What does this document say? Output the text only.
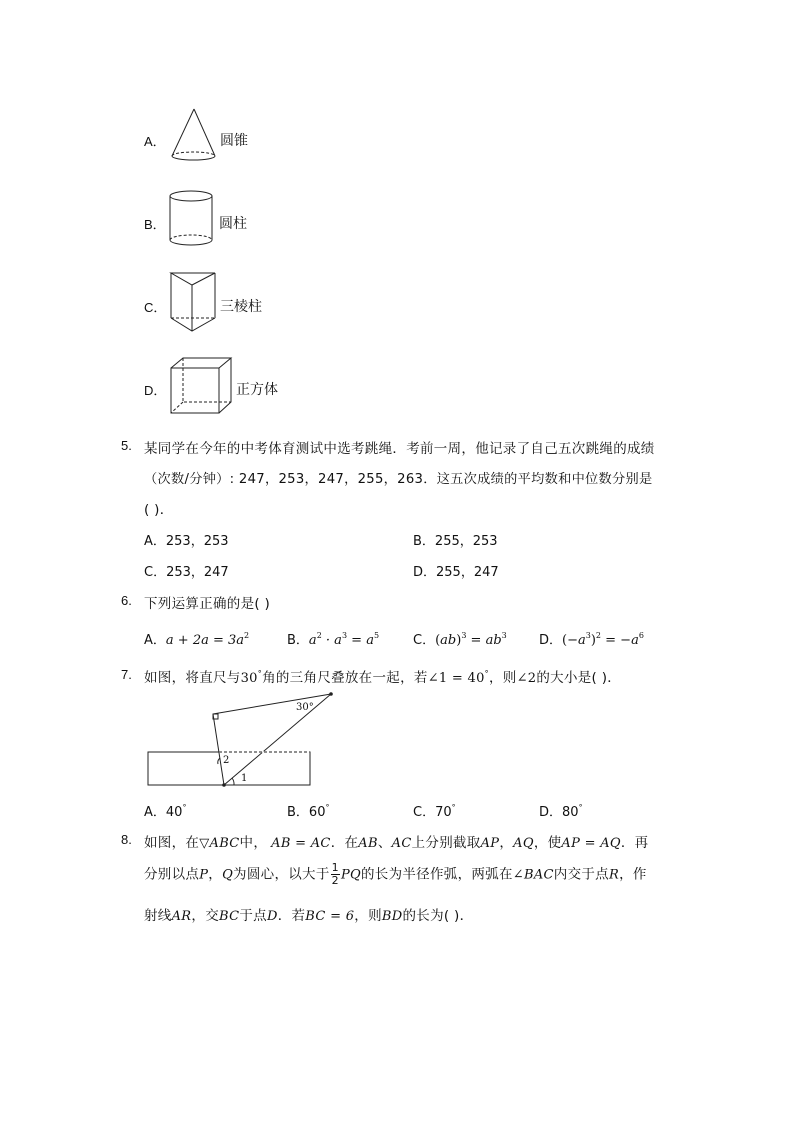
A．	圆锥
B．	圆柱
C．	三棱柱
D．	正方体
5. 某同学在今年的中考体育测试中选考跳绳．考前一周，他记录了自己五次跳绳的成绩
（次数/分钟）: 247，253，247，255，263．这五次成绩的平均数和中位数分别是
( )．
A．253，253	B．255，253
C．253，247	D．255，247
6. 下列运算正确的是( )
A．$a + 2a = 3a^2$	B．$a^2 \cdot a^3 = a^5$	C．$(ab)^3 = ab^3$ D．$(-a^3)^2 = -a^6$
7. 如图，将直尺与30°角的三角尺叠放在一起，若∠1 = 40°，则∠2的大小是( )．
30°
1
2
A．40°	B．60°	C．70°	D．80°
8. 如图，在▽ABC中， AB = AC．在AB、AC上分别截取AP，AQ，使AP = AQ．再
分别以点P，Q为圆心，以大于 $\frac{1}{2}$ PQ的长为半径作弧，两弧在∠BAC内交于点R，作
射线AR，交BC于点D．若BC = 6，则BD的长为( )．
